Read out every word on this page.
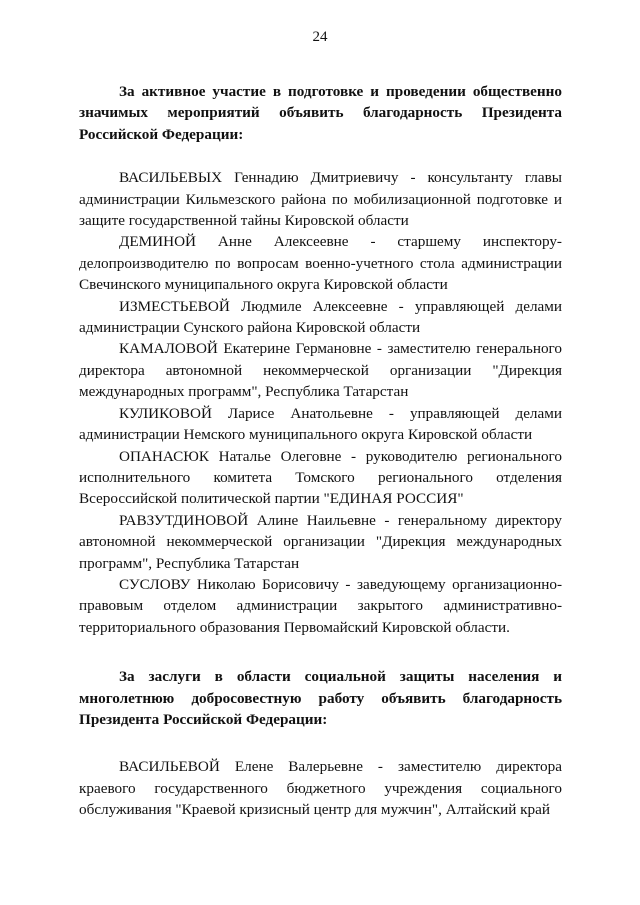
24

За активное участие в подготовке и проведении общественно значимых мероприятий объявить благодарность Президента Российской Федерации:

ВАСИЛЬЕВЫХ Геннадию Дмитриевичу - консультанту главы администрации Кильмезского района по мобилизационной подготовке и защите государственной тайны Кировской области

ДЕМИНОЙ Анне Алексеевне - старшему инспектору-делопроизводителю по вопросам военно-учетного стола администрации Свечинского муниципального округа Кировской области

ИЗМЕСТЬЕВОЙ Людмиле Алексеевне - управляющей делами администрации Сунского района Кировской области

КАМАЛОВОЙ Екатерине Германовне - заместителю генерального директора автономной некоммерческой организации "Дирекция международных программ", Республика Татарстан

КУЛИКОВОЙ Ларисе Анатольевне - управляющей делами администрации Немского муниципального округа Кировской области

ОПАНАСЮК Наталье Олеговне - руководителю регионального исполнительного комитета Томского регионального отделения Всероссийской политической партии "ЕДИНАЯ РОССИЯ"

РАВЗУТДИНОВОЙ Алине Наильевне - генеральному директору автономной некоммерческой организации "Дирекция международных программ", Республика Татарстан

СУСЛОВУ Николаю Борисовичу - заведующему организационно-правовым отделом администрации закрытого административно-территориального образования Первомайский Кировской области.

За заслуги в области социальной защиты населения и многолетнюю добросовестную работу объявить благодарность Президента Российской Федерации:

ВАСИЛЬЕВОЙ Елене Валерьевне - заместителю директора краевого государственного бюджетного учреждения социального обслуживания "Краевой кризисный центр для мужчин", Алтайский край
